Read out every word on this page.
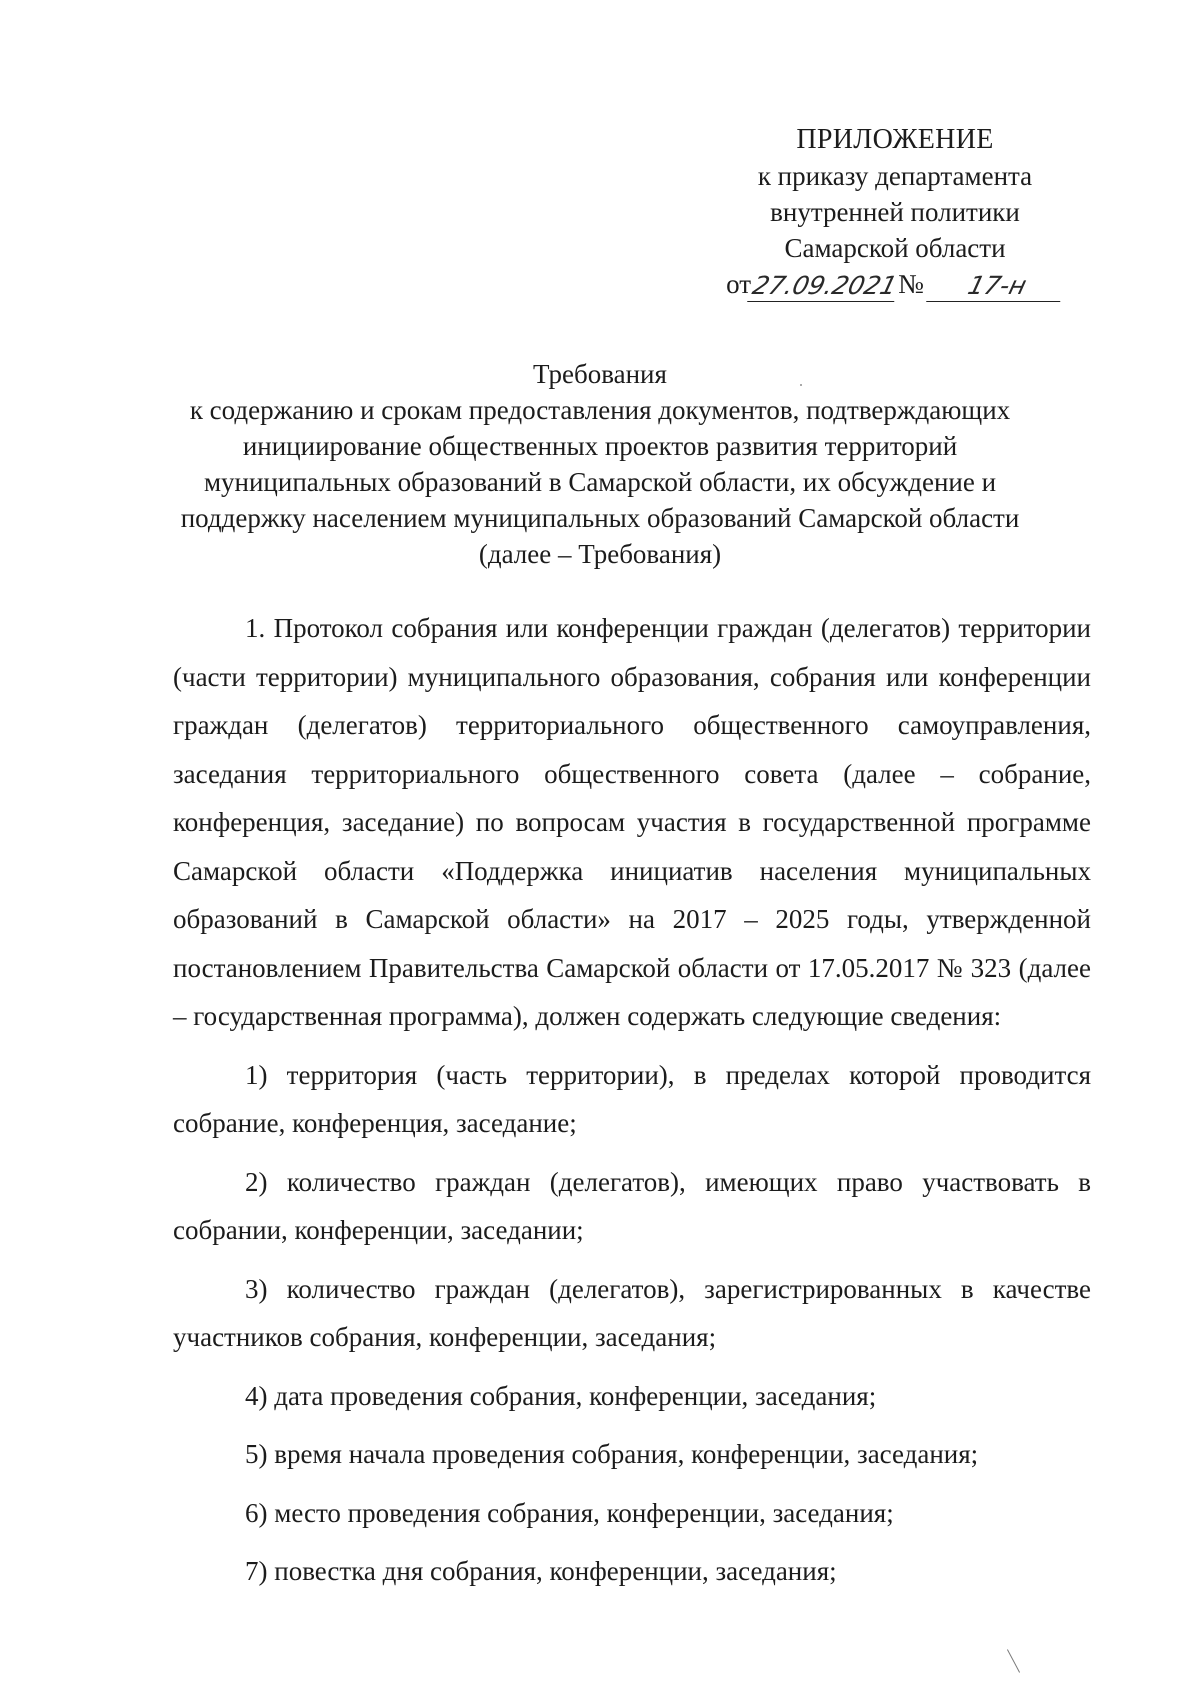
ПРИЛОЖЕНИЕ
к приказу департамента
внутренней политики
Самарской области
от
27.09.2021
№	17-н
Требования
к содержанию и срокам предоставления документов, подтверждающих
инициирование общественных проектов развития территорий
муниципальных образований в Самарской области, их обсуждение и
поддержку населением муниципальных образований Самарской области
(далее – Требования)

1. Протокол собрания или конференции граждан (делегатов) территории (части территории) муниципального образования, собрания или конференции граждан (делегатов) территориального общественного самоуправления, заседания территориального общественного совета (далее – собрание, конференция, заседание) по вопросам участия в государственной программе Самарской области «Поддержка инициатив населения муниципальных образований в Самарской области» на 2017 – 2025 годы, утвержденной постановлением Правительства Самарской области от 17.05.2017 № 323 (далее – государственная программа), должен содержать следующие сведения:

1) территория (часть территории), в пределах которой проводится собрание, конференция, заседание;

2) количество граждан (делегатов), имеющих право участвовать в собрании, конференции, заседании;

3) количество граждан (делегатов), зарегистрированных в качестве участников собрания, конференции, заседания;

4) дата проведения собрания, конференции, заседания;

5) время начала проведения собрания, конференции, заседания;

6) место проведения собрания, конференции, заседания;

7) повестка дня собрания, конференции, заседания;
